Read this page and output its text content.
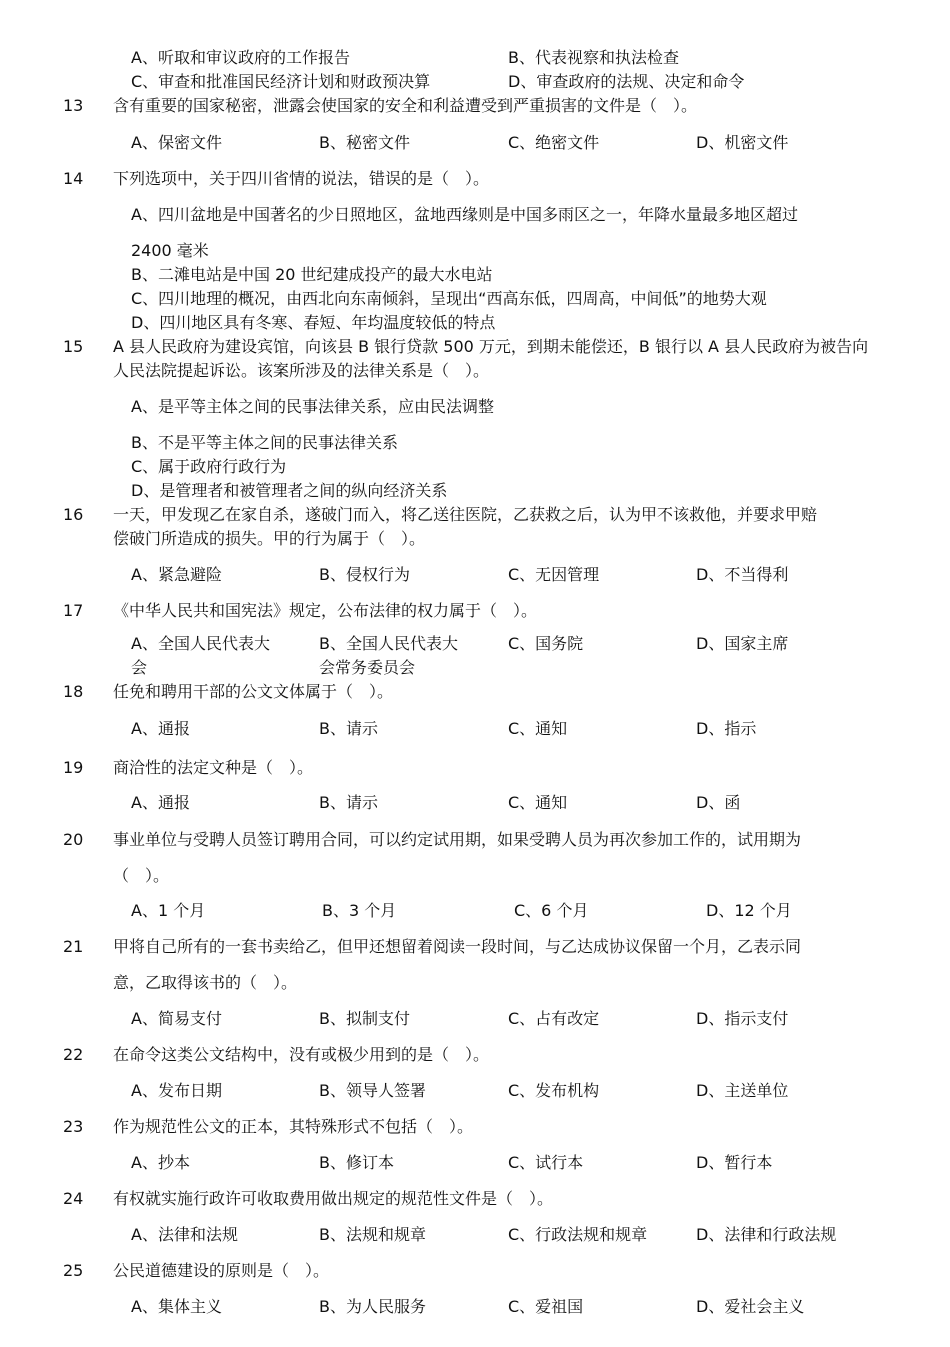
A、听取和审议政府的工作报告	B、代表视察和执法检查
C、审查和批准国民经济计划和财政预决算	D、审查政府的法规、决定和命令
13 含有重要的国家秘密，泄露会使国家的安全和利益遭受到严重损害的文件是（　）。
A、保密文件	B、秘密文件	C、绝密文件	D、机密文件
14 下列选项中，关于四川省情的说法，错误的是（　）。
A、四川盆地是中国著名的少日照地区，盆地西缘则是中国多雨区之一，年降水量最多地区超过
2400 毫米
B、二滩电站是中国 20 世纪建成投产的最大水电站
C、四川地理的概况，由西北向东南倾斜，呈现出“西高东低，四周高，中间低”的地势大观
D、四川地区具有冬寒、春短、年均温度较低的特点
15 A 县人民政府为建设宾馆，向该县 B 银行贷款 500 万元，到期未能偿还，B 银行以 A 县人民政府为被告向
人民法院提起诉讼。该案所涉及的法律关系是（　）。
A、是平等主体之间的民事法律关系，应由民法调整
B、不是平等主体之间的民事法律关系
C、属于政府行政行为
D、是管理者和被管理者之间的纵向经济关系
16 一天，甲发现乙在家自杀，遂破门而入，将乙送往医院，乙获救之后，认为甲不该救他，并要求甲赔
偿破门所造成的损失。甲的行为属于（　）。
A、紧急避险	B、侵权行为	C、无因管理	D、不当得利
17 《中华人民共和国宪法》规定，公布法律的权力属于（　）。
A、全国人民代表大
会
B、全国人民代表大
会常务委员会
C、国务院	D、国家主席
18 任免和聘用干部的公文文体属于（　）。
A、通报	B、请示	C、通知	D、指示
19 商洽性的法定文种是（　）。
A、通报	B、请示	C、通知	D、函
20 事业单位与受聘人员签订聘用合同，可以约定试用期，如果受聘人员为再次参加工作的，试用期为
（　）。
A、1 个月	B、3 个月	C、6 个月	D、12 个月
21 甲将自己所有的一套书卖给乙，但甲还想留着阅读一段时间，与乙达成协议保留一个月，乙表示同
意，乙取得该书的（　）。
A、简易支付	B、拟制支付	C、占有改定	D、指示支付
22 在命令这类公文结构中，没有或极少用到的是（　）。
A、发布日期	B、领导人签署	C、发布机构	D、主送单位
23 作为规范性公文的正本，其特殊形式不包括（　）。
A、抄本	B、修订本	C、试行本	D、暂行本
24 有权就实施行政许可收取费用做出规定的规范性文件是（　）。
A、法律和法规	B、法规和规章	C、行政法规和规章	D、法律和行政法规
25 公民道德建设的原则是（　）。
A、集体主义	B、为人民服务	C、爱祖国	D、爱社会主义
